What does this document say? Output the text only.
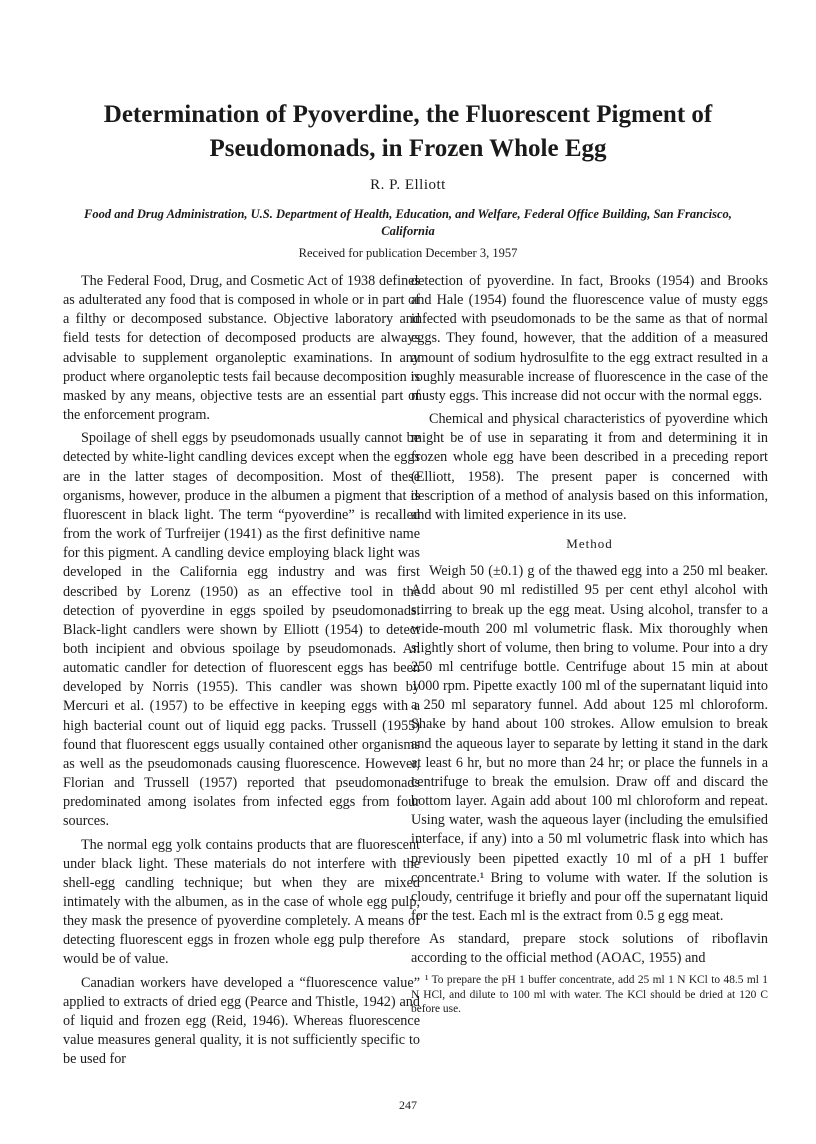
Determination of Pyoverdine, the Fluorescent Pigment of Pseudomonads, in Frozen Whole Egg
R. P. Elliott
Food and Drug Administration, U.S. Department of Health, Education, and Welfare, Federal Office Building, San Francisco, California
Received for publication December 3, 1957

The Federal Food, Drug, and Cosmetic Act of 1938 defines as adulterated any food that is composed in whole or in part of a filthy or decomposed substance. Objective laboratory and field tests for detection of decomposed products are always advisable to supplement organoleptic examinations. In any product where organoleptic tests fail because decomposition is masked by any means, objective tests are an essential part of the enforcement program.

Spoilage of shell eggs by pseudomonads usually cannot be detected by white-light candling devices except when the eggs are in the latter stages of decomposition. Most of these organisms, however, produce in the albumen a pigment that is fluorescent in black light. The term “pyoverdine” is recalled from the work of Turfreijer (1941) as the first definitive name for this pigment. A candling device employing black light was developed in the California egg industry and was first described by Lorenz (1950) as an effective tool in the detection of pyoverdine in eggs spoiled by pseudomonads. Black-light candlers were shown by Elliott (1954) to detect both incipient and obvious spoilage by pseudomonads. An automatic candler for detection of fluorescent eggs has been developed by Norris (1955). This candler was shown by Mercuri et al. (1957) to be effective in keeping eggs with a high bacterial count out of liquid egg packs. Trussell (1955) found that fluorescent eggs usually contained other organisms as well as the pseudomonads causing fluorescence. However, Florian and Trussell (1957) reported that pseudomonads predominated among isolates from infected eggs from four sources.

The normal egg yolk contains products that are fluorescent under black light. These materials do not interfere with the shell-egg candling technique; but when they are mixed intimately with the albumen, as in the case of whole egg pulp, they mask the presence of pyoverdine completely. A means of detecting fluorescent eggs in frozen whole egg pulp therefore would be of value.

Canadian workers have developed a “fluorescence value” applied to extracts of dried egg (Pearce and Thistle, 1942) and of liquid and frozen egg (Reid, 1946). Whereas fluorescence value measures general quality, it is not sufficiently specific to be used for

detection of pyoverdine. In fact, Brooks (1954) and Brooks and Hale (1954) found the fluorescence value of musty eggs infected with pseudomonads to be the same as that of normal eggs. They found, however, that the addition of a measured amount of sodium hydrosulfite to the egg extract resulted in a roughly measurable increase of fluorescence in the case of the musty eggs. This increase did not occur with the normal eggs.

Chemical and physical characteristics of pyoverdine which might be of use in separating it from and determining it in frozen whole egg have been described in a preceding report (Elliott, 1958). The present paper is concerned with description of a method of analysis based on this information, and with limited experience in its use.

Method

Weigh 50 (±0.1) g of the thawed egg into a 250 ml beaker. Add about 90 ml redistilled 95 per cent ethyl alcohol with stirring to break up the egg meat. Using alcohol, transfer to a wide-mouth 200 ml volumetric flask. Mix thoroughly when slightly short of volume, then bring to volume. Pour into a dry 250 ml centrifuge bottle. Centrifuge about 15 min at about 1000 rpm. Pipette exactly 100 ml of the supernatant liquid into a 250 ml separatory funnel. Add about 125 ml chloroform. Shake by hand about 100 strokes. Allow emulsion to break and the aqueous layer to separate by letting it stand in the dark at least 6 hr, but no more than 24 hr; or place the funnels in a centrifuge to break the emulsion. Draw off and discard the bottom layer. Again add about 100 ml chloroform and repeat. Using water, wash the aqueous layer (including the emulsified interface, if any) into a 50 ml volumetric flask into which has previously been pipetted exactly 10 ml of a pH 1 buffer concentrate.¹ Bring to volume with water. If the solution is cloudy, centrifuge it briefly and pour off the supernatant liquid for the test. Each ml is the extract from 0.5 g egg meat.

As standard, prepare stock solutions of riboflavin according to the official method (AOAC, 1955) and

¹ To prepare the pH 1 buffer concentrate, add 25 ml 1 N KCl to 48.5 ml 1 N HCl, and dilute to 100 ml with water. The KCl should be dried at 120 C before use.
247
